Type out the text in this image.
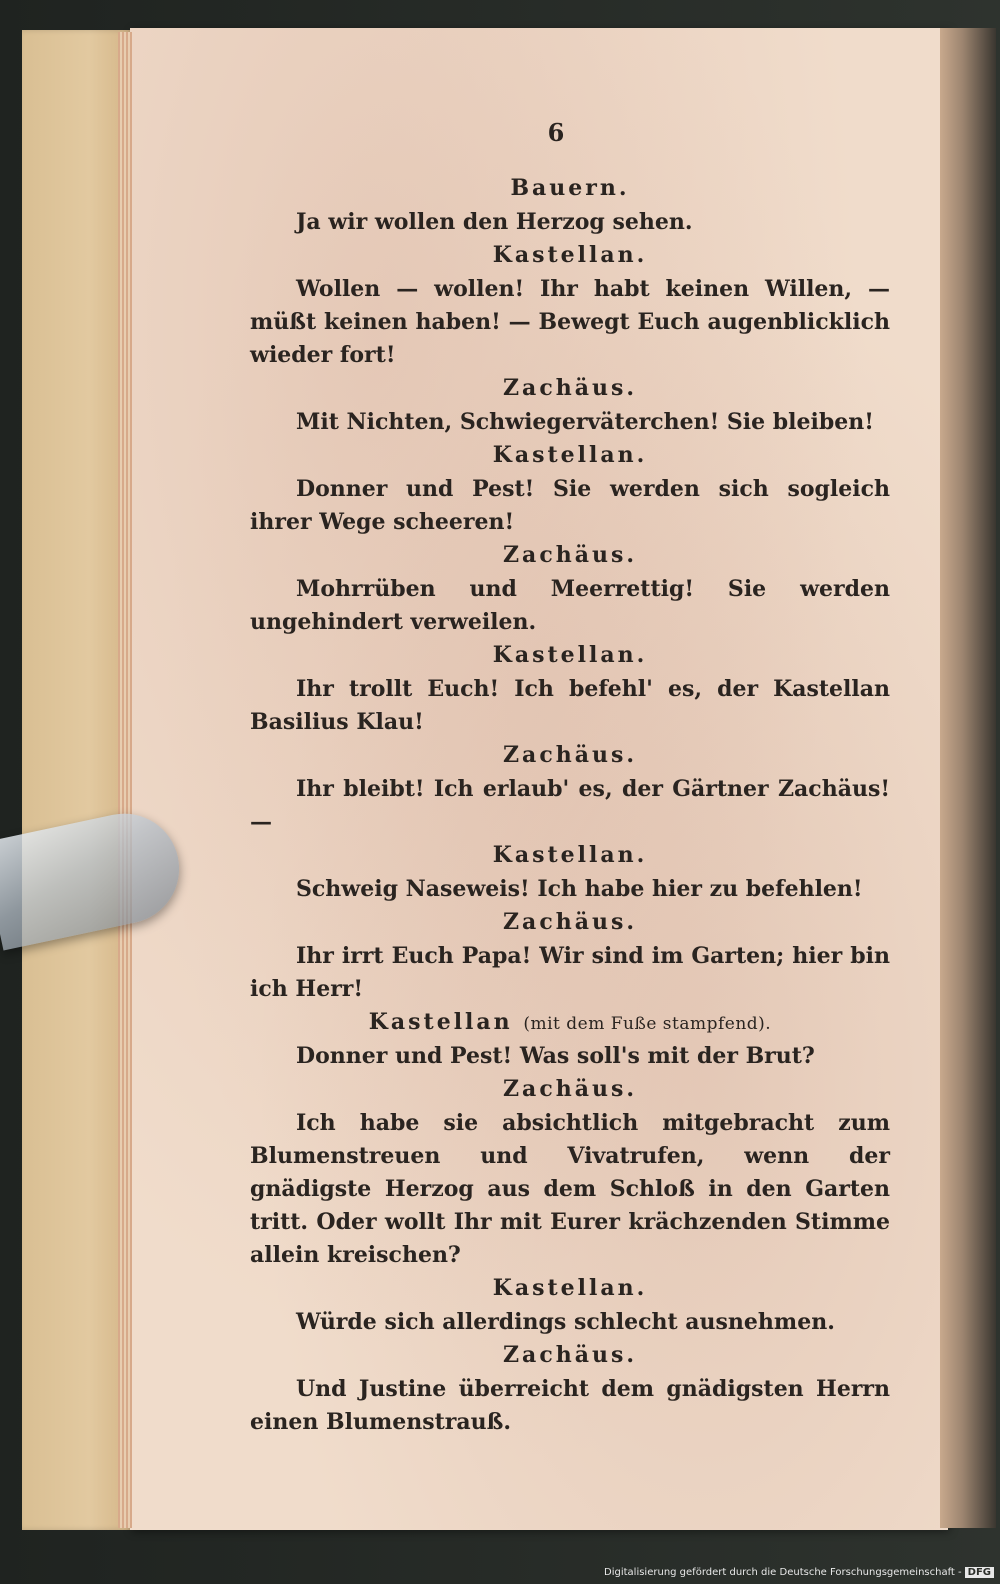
6

Bauern.

Ja wir wollen den Herzog sehen.

Kastellan.

Wollen — wollen! Ihr habt keinen Willen, — müßt keinen haben! — Bewegt Euch augenblicklich wieder fort!

Zachäus.

Mit Nichten, Schwiegerväterchen! Sie bleiben!

Kastellan.

Donner und Pest! Sie werden sich sogleich ihrer Wege scheeren!

Zachäus.

Mohrrüben und Meerrettig! Sie werden ungehindert verweilen.

Kastellan.

Ihr trollt Euch! Ich befehl' es, der Kastellan Basilius Klau!

Zachäus.

Ihr bleibt! Ich erlaub' es, der Gärtner Zachäus! —

Kastellan.

Schweig Naseweis! Ich habe hier zu befehlen!

Zachäus.

Ihr irrt Euch Papa! Wir sind im Garten; hier bin ich Herr!

Kastellan (mit dem Fuße stampfend).

Donner und Pest! Was soll's mit der Brut?

Zachäus.

Ich habe sie absichtlich mitgebracht zum Blumenstreuen und Vivatrufen, wenn der gnädigste Herzog aus dem Schloß in den Garten tritt. Oder wollt Ihr mit Eurer krächzenden Stimme allein kreischen?

Kastellan.

Würde sich allerdings schlecht ausnehmen.

Zachäus.

Und Justine überreicht dem gnädigsten Herrn einen Blumenstrauß.

Digitalisierung gefördert durch die Deutsche Forschungsgemeinschaft - DFG
